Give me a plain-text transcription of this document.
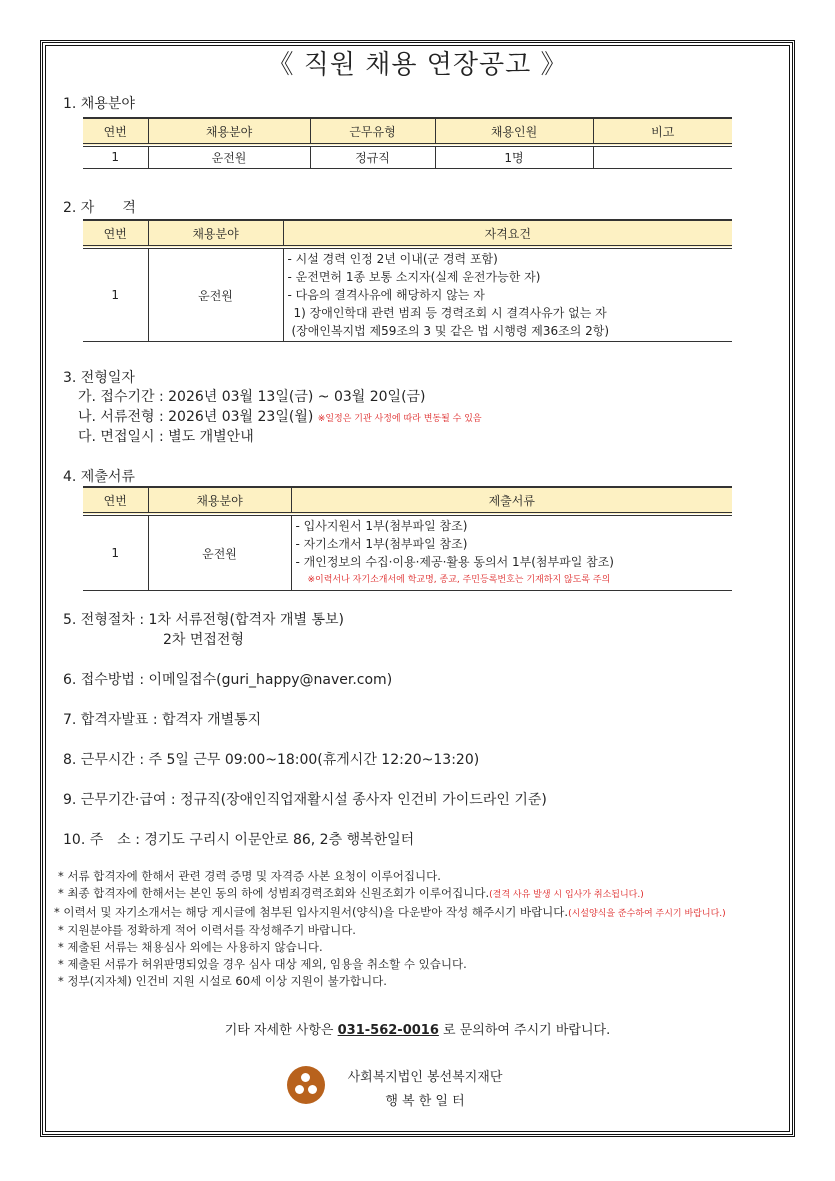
《 직원 채용 연장공고 》
1. 채용분야
연번	채용분야	근무유형	채용인원	비고
1	운전원	정규직	1명	
2. 자　　격
연번	채용분야	자격요건
1	운전원	- 시설 경력 인정 2년 이내(군 경력 포함)
- 운전면허 1종 보통 소지자(실제 운전가능한 자)
- 다음의 결격사유에 해당하지 않는 자
1) 장애인학대 관련 범죄 등 경력조회 시 결격사유가 없는 자
(장애인복지법 제59조의 3 및 같은 법 시행령 제36조의 2항)
3. 전형일자
가. 접수기간 : 2026년 03월 13일(금) ~ 03월 20일(금)
나. 서류전형 : 2026년 03월 23일(월) ※일정은 기관 사정에 따라 변동될 수 있음
다. 면접일시 : 별도 개별안내
4. 제출서류
연번	채용분야	제출서류
1	운전원	- 입사지원서 1부(첨부파일 참조)
- 자기소개서 1부(첨부파일 참조)
- 개인정보의 수집·이용·제공·활용 동의서 1부(첨부파일 참조)
※이력서나 자기소개서에 학교명, 종교, 주민등록번호는 기재하지 않도록 주의
5. 전형절차 : 1차 서류전형(합격자 개별 통보)
2차 면접전형
6. 접수방법 : 이메일접수(guri_happy@naver.com)
7. 합격자발표 : 합격자 개별통지
8. 근무시간 : 주 5일 근무 09:00~18:00(휴게시간 12:20~13:20)
9. 근무기간·급여 : 정규직(장애인직업재활시설 종사자 인건비 가이드라인 기준)
10. 주　소 : 경기도 구리시 이문안로 86, 2층 행복한일터
* 서류 합격자에 한해서 관련 경력 증명 및 자격증 사본 요청이 이루어집니다.
* 최종 합격자에 한해서는 본인 동의 하에 성범죄경력조회와 신원조회가 이루어집니다.(결격 사유 발생 시 입사가 취소됩니다.)
* 이력서 및 자기소개서는 해당 게시글에 첨부된 입사지원서(양식)을 다운받아 작성 해주시기 바랍니다.(시설양식을 준수하여 주시기 바랍니다.)
* 지원분야를 정확하게 적어 이력서를 작성해주기 바랍니다.
* 제출된 서류는 채용심사 외에는 사용하지 않습니다.
* 제출된 서류가 허위판명되었을 경우 심사 대상 제외, 임용을 취소할 수 있습니다.
* 정부(지자체) 인건비 지원 시설로 60세 이상 지원이 불가합니다.
기타 자세한 사항은 031-562-0016 로 문의하여 주시기 바랍니다.
사회복지법인 봉선복지재단
행 복 한 일 터
